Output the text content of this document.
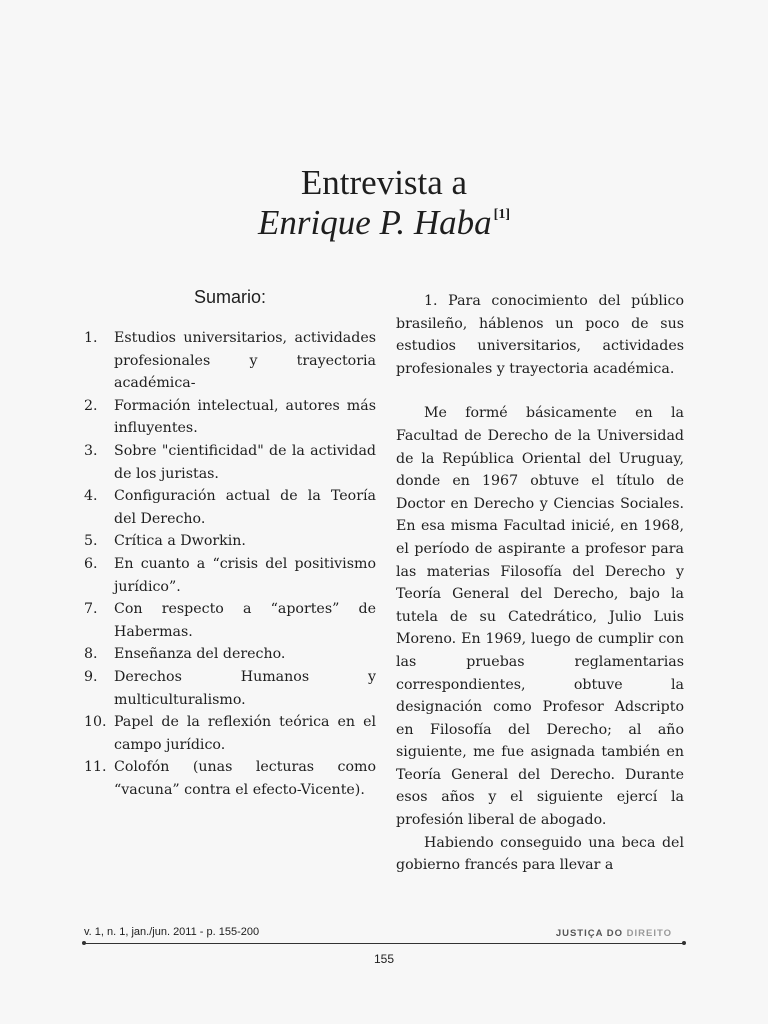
Entrevista a
Enrique P. Haba [1]
Sumario:
1. Estudios universitarios, actividades profesionales y trayectoria académica-
2. Formación intelectual, autores más influyentes.
3. Sobre "cientificidad" de la actividad de los juristas.
4. Configuración actual de la Teoría del Derecho.
5. Crítica a Dworkin.
6. En cuanto a “crisis del positivismo jurídico”.
7. Con respecto a “aportes” de Habermas.
8. Enseñanza del derecho.
9. Derechos Humanos y multiculturalismo.
10. Papel de la reflexión teórica en el campo jurídico.
11. Colofón (unas lecturas como “vacuna” contra el efecto-Vicente).

1. Para conocimiento del público brasileño, háblenos un poco de sus estudios universitarios, actividades profesionales y trayectoria académica.

Me formé básicamente en la Facultad de Derecho de la Universidad de la República Oriental del Uruguay, donde en 1967 obtuve el título de Doctor en Derecho y Ciencias Sociales. En esa misma Facultad inicié, en 1968, el período de aspirante a profesor para las materias Filosofía del Derecho y Teoría General del Derecho, bajo la tutela de su Catedrático, Julio Luis Moreno. En 1969, luego de cumplir con las pruebas reglamentarias correspondientes, obtuve la designación como Profesor Adscripto en Filosofía del Derecho; al año siguiente, me fue asignada también en Teoría General del Derecho. Durante esos años y el siguiente ejercí la profesión liberal de abogado.

Habiendo conseguido una beca del gobierno francés para llevar a

v. 1, n. 1, jan./jun. 2011 - p. 155-200	JUSTIÇA DO DIREITO
155
